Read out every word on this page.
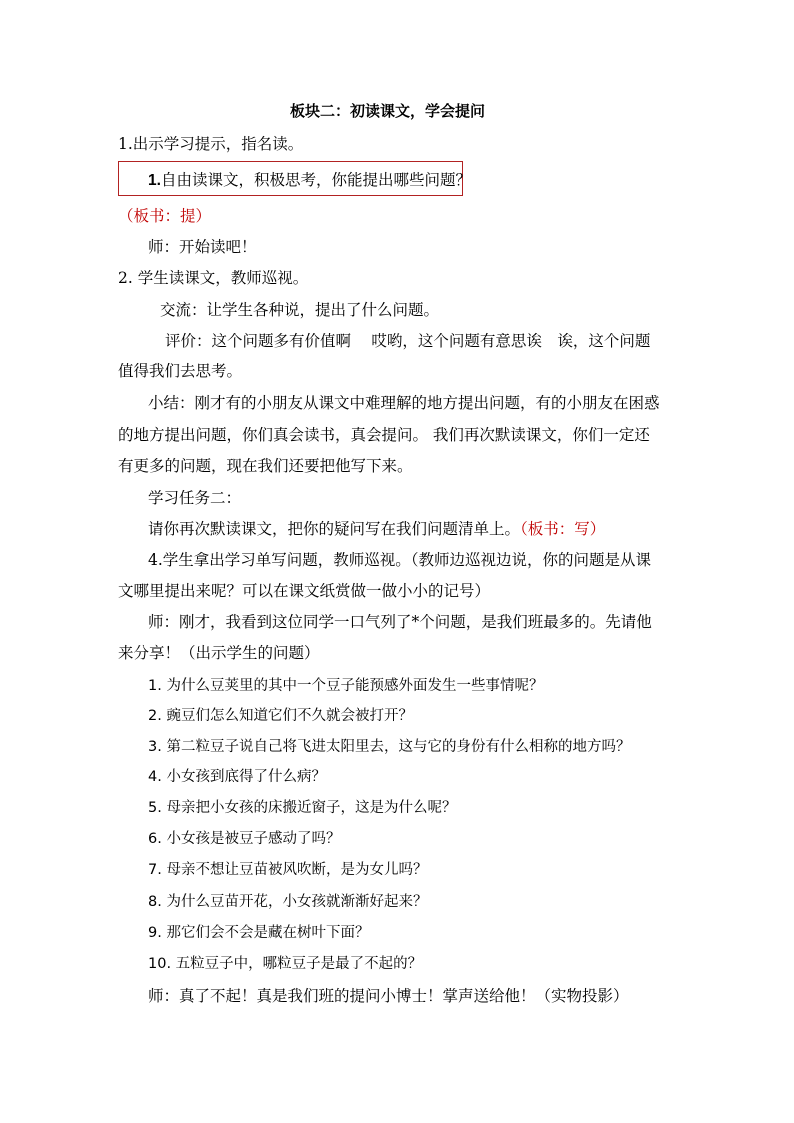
板块二：初读课文，学会提问
1.出示学习提示，指名读。
1.自由读课文，积极思考，你能提出哪些问题？
（板书：提）
师：开始读吧！
2. 学生读课文，教师巡视。
交流：让学生各种说，提出了什么问题。
评价：这个问题多有价值啊　 哎哟，这个问题有意思诶　诶，这个问题
值得我们去思考。
小结：刚才有的小朋友从课文中难理解的地方提出问题，有的小朋友在困惑
的地方提出问题，你们真会读书，真会提问。 我们再次默读课文，你们一定还
有更多的问题，现在我们还要把他写下来。
学习任务二：
请你再次默读课文，把你的疑问写在我们问题清单上。（板书：写）
4.学生拿出学习单写问题，教师巡视。（教师边巡视边说，你的问题是从课
文哪里提出来呢？可以在课文纸赏做一做小小的记号）
师：刚才，我看到这位同学一口气列了*个问题，是我们班最多的。先请他
来分享！（出示学生的问题）
1. 为什么豆荚里的其中一个豆子能预感外面发生一些事情呢？
2. 豌豆们怎么知道它们不久就会被打开？
3. 第二粒豆子说自己将飞进太阳里去，这与它的身份有什么相称的地方吗？
4. 小女孩到底得了什么病？
5. 母亲把小女孩的床搬近窗子，这是为什么呢？
6. 小女孩是被豆子感动了吗？
7. 母亲不想让豆苗被风吹断，是为女儿吗？
8. 为什么豆苗开花，小女孩就渐渐好起来？
9. 那它们会不会是藏在树叶下面？
10. 五粒豆子中，哪粒豆子是最了不起的？
师：真了不起！真是我们班的提问小博士！掌声送给他！（实物投影）
